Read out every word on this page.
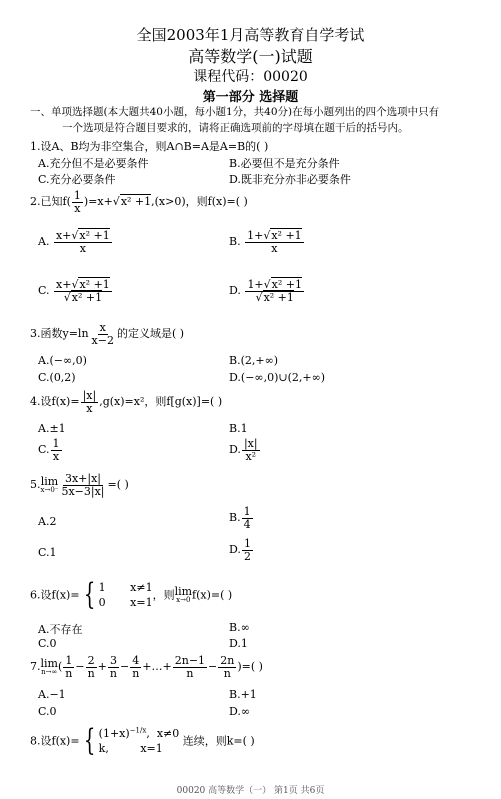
全国2003年1月高等教育自学考试
高等数学(一)试题
课程代码：00020
第一部分 选择题
一、单项选择题(本大题共40小题，每小题1分，共40分)在每小题列出的四个选项中只有
一个选项是符合题目要求的，请将正确选项前的字母填在题干后的括号内。
1.设A、B均为非空集合，则A∩B=A是A=B的( )
A.充分但不是必要条件	B.必要但不是充分条件
C.充分必要条件	D.既非充分亦非必要条件
2.已知$f( \frac{1}{x} )=x+√x^2 +1,(x>0)$，则f(x)=( )
A. $\frac{\text{x+√x² +1}}{x}$	B. $\frac{\text{1+√x² +1}}{x}$
C. $\frac{\text{x+√x² +1}}{\text{√x² +1}}$	D. $\frac{\text{1+√x² +1}}{\text{√x² +1}}$
3.函数$y=\ln \frac{x}{x-2}$ 的定义域是( )
A.(−∞,0)	B.(2,+∞)
C.(0,2)	D.(−∞,0)∪(2,+∞)
4.设$f(x)= \frac{|x|}{x} ,g(x)=x^2$，则f[g(x)]=( )
A.±1	B.1
C. $\frac{1}{x}$	D. $\frac{|x|}{\text{x²}}$
5. lim
$x\to 0^- \frac{3x+|x|}{5x-3|x|}$ =( )
A.2	B. $\frac{1}{4}$
C.1	D. $\frac{1}{2}$
6.设f(x)= { 1 x≠1
0 x=1
，则 lim
x→0 f(x)=( )
A.不存在	B.∞
C.0	D.1
7. lim
n→∞ ( $\frac{1}{n} - \frac{2}{n} + \frac{3}{n} - \frac{4}{n}$ +…+ $\frac{2n-1}{n} - \frac{2n}{n}$ )=( )
A.−1	B.+1
C.0	D.∞
8.设f(x)= { $(1+x)^{-1/x}$,  x≠0
k,	x=1
连续，则k=( )
00020 高等数学（一） 第1页 共6页
